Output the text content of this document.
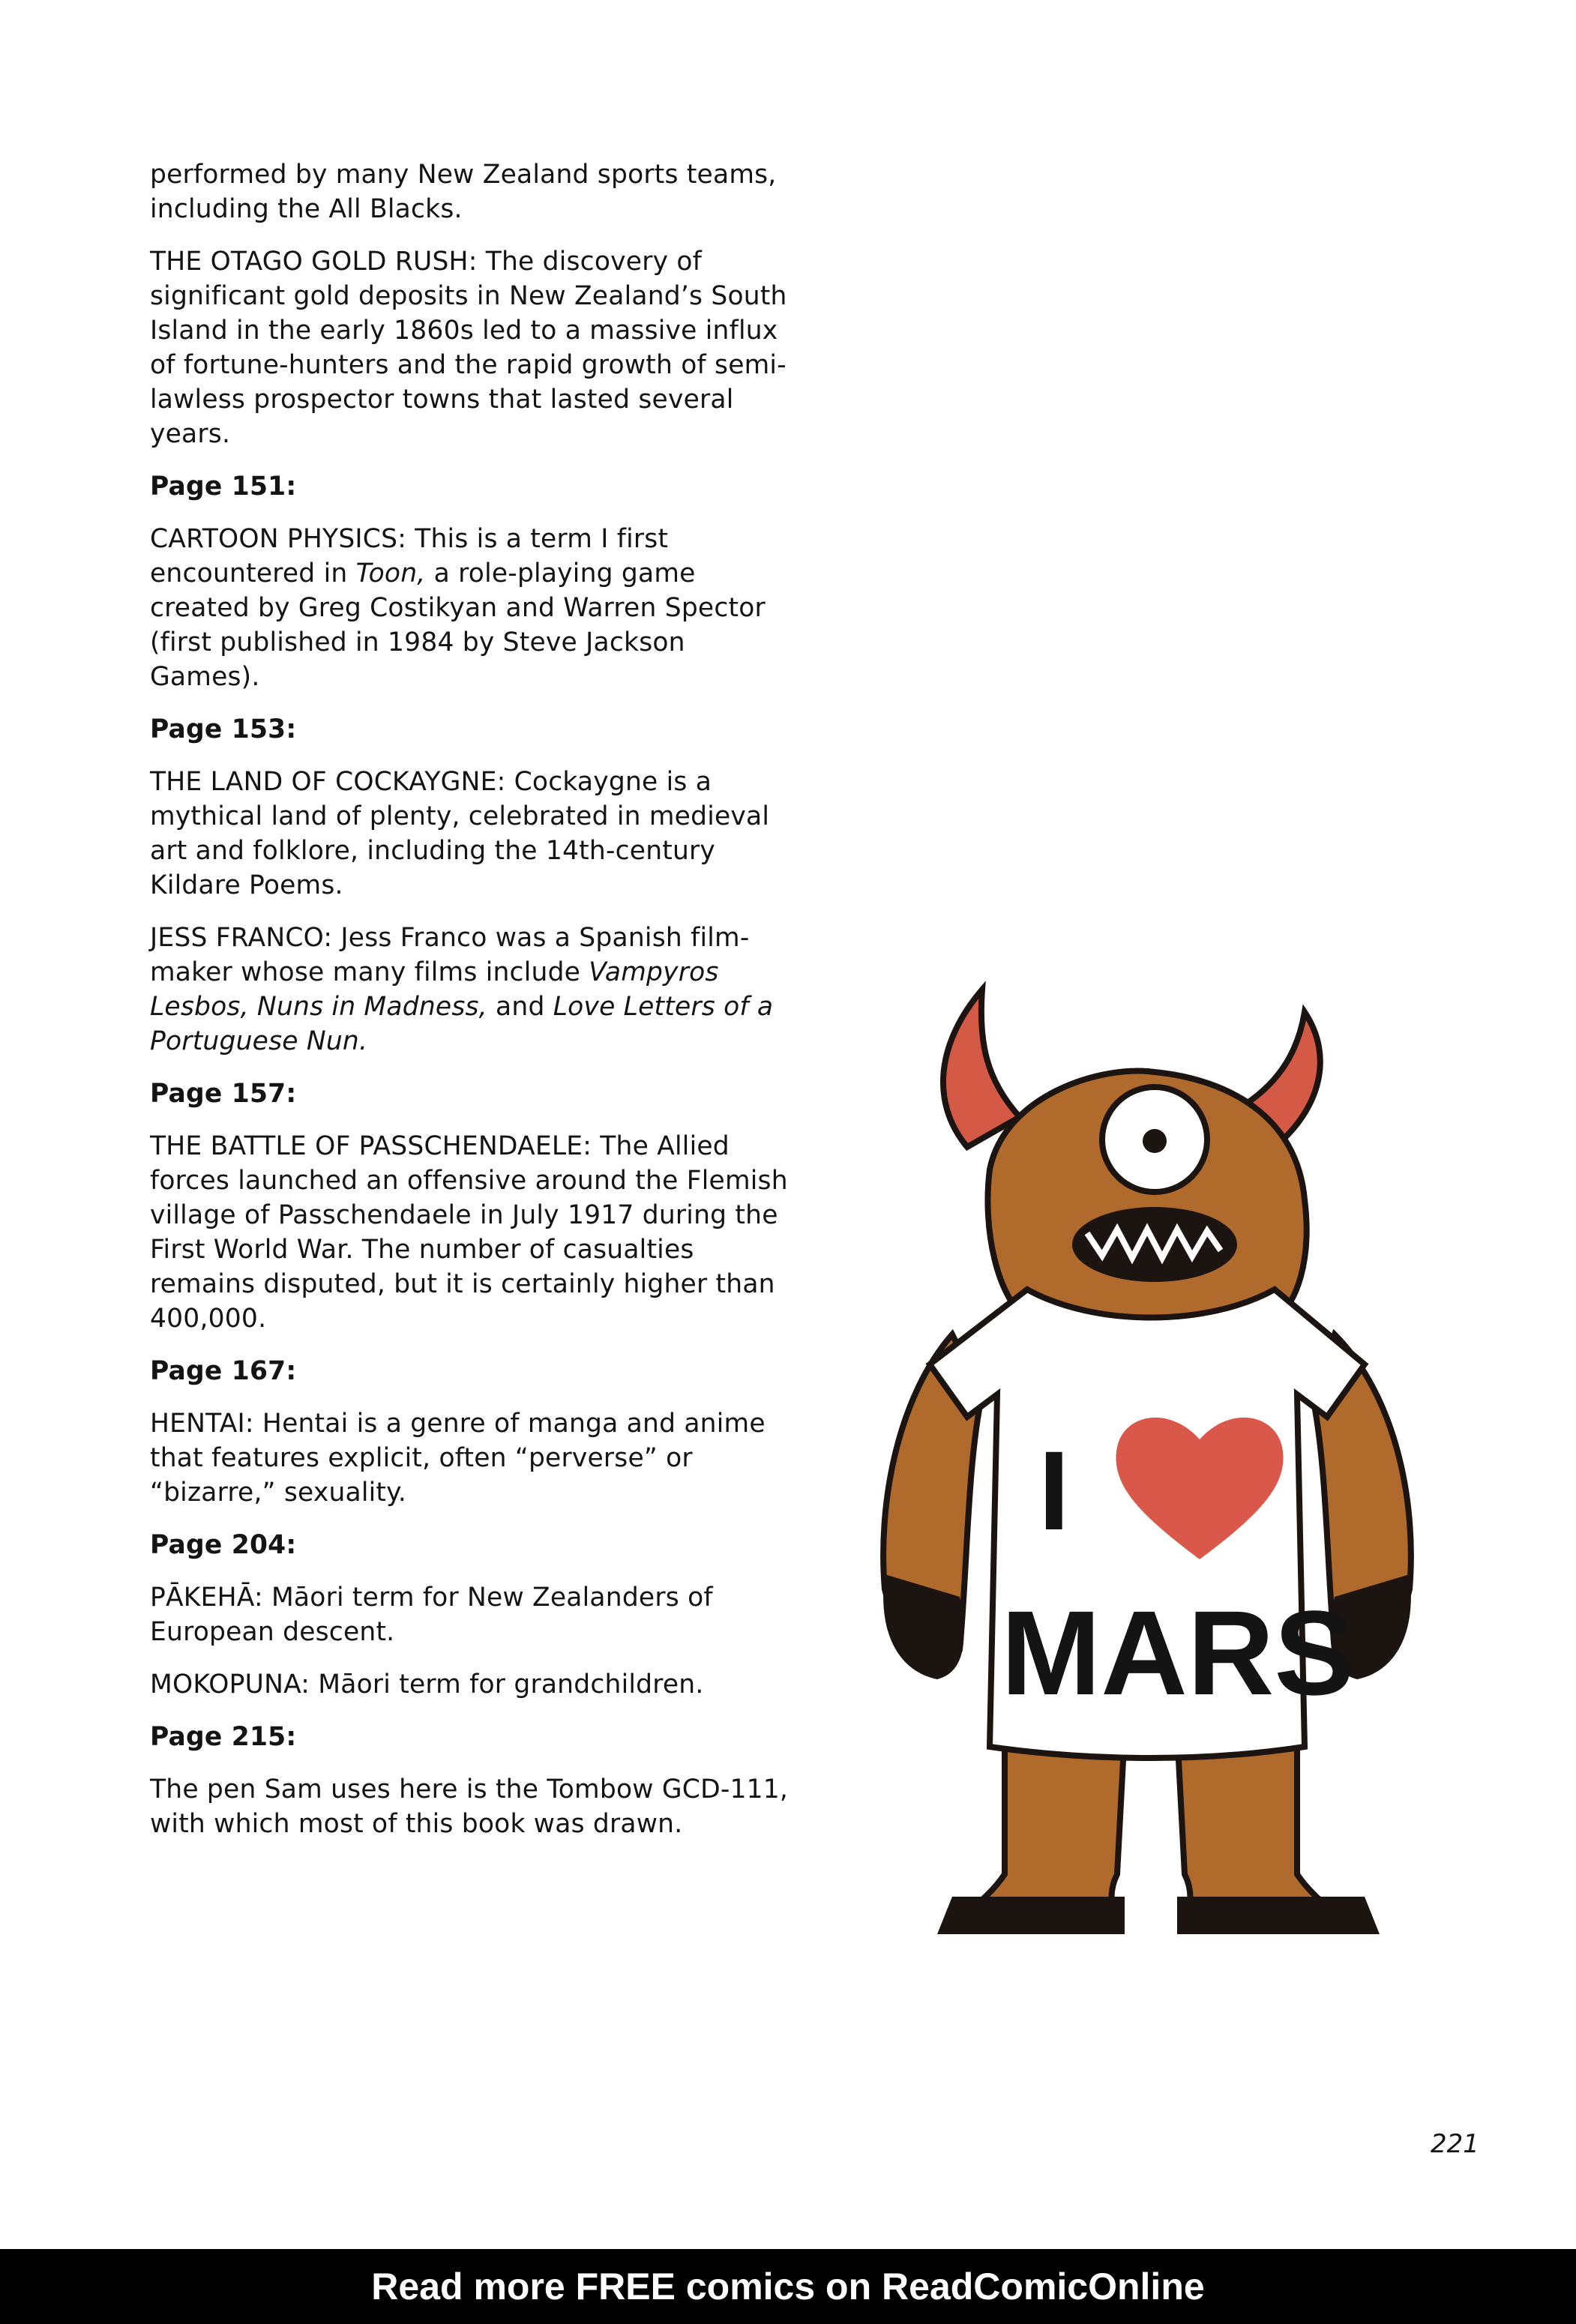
performed by many New Zealand sports teams, including the All Blacks.

THE OTAGO GOLD RUSH: The discovery of significant gold deposits in New Zealand’s South Island in the early 1860s led to a massive influx of fortune-hunters and the rapid growth of semi-lawless prospector towns that lasted several years.

Page 151:

CARTOON PHYSICS: This is a term I first encountered in Toon, a role-playing game created by Greg Costikyan and Warren Spector (first published in 1984 by Steve Jackson Games).

Page 153:

THE LAND OF COCKAYGNE: Cockaygne is a mythical land of plenty, celebrated in medieval art and folklore, including the 14th-century Kildare Poems.

JESS FRANCO: Jess Franco was a Spanish film-maker whose many films include Vampyros Lesbos, Nuns in Madness, and Love Letters of a Portuguese Nun.

Page 157:

THE BATTLE OF PASSCHENDAELE: The Allied forces launched an offensive around the Flemish village of Passchendaele in July 1917 during the First World War. The number of casualties remains disputed, but it is certainly higher than 400,000.

Page 167:

HENTAI: Hentai is a genre of manga and anime that features explicit, often “perverse” or “bizarre,” sexuality.

Page 204:

PĀKEHĀ: Māori term for New Zealanders of European descent.

MOKOPUNA: Māori term for grandchildren.

Page 215:

The pen Sam uses here is the Tombow GCD-111, with which most of this book was drawn.

I
MARS
221
Read more FREE comics on ReadComicOnline
